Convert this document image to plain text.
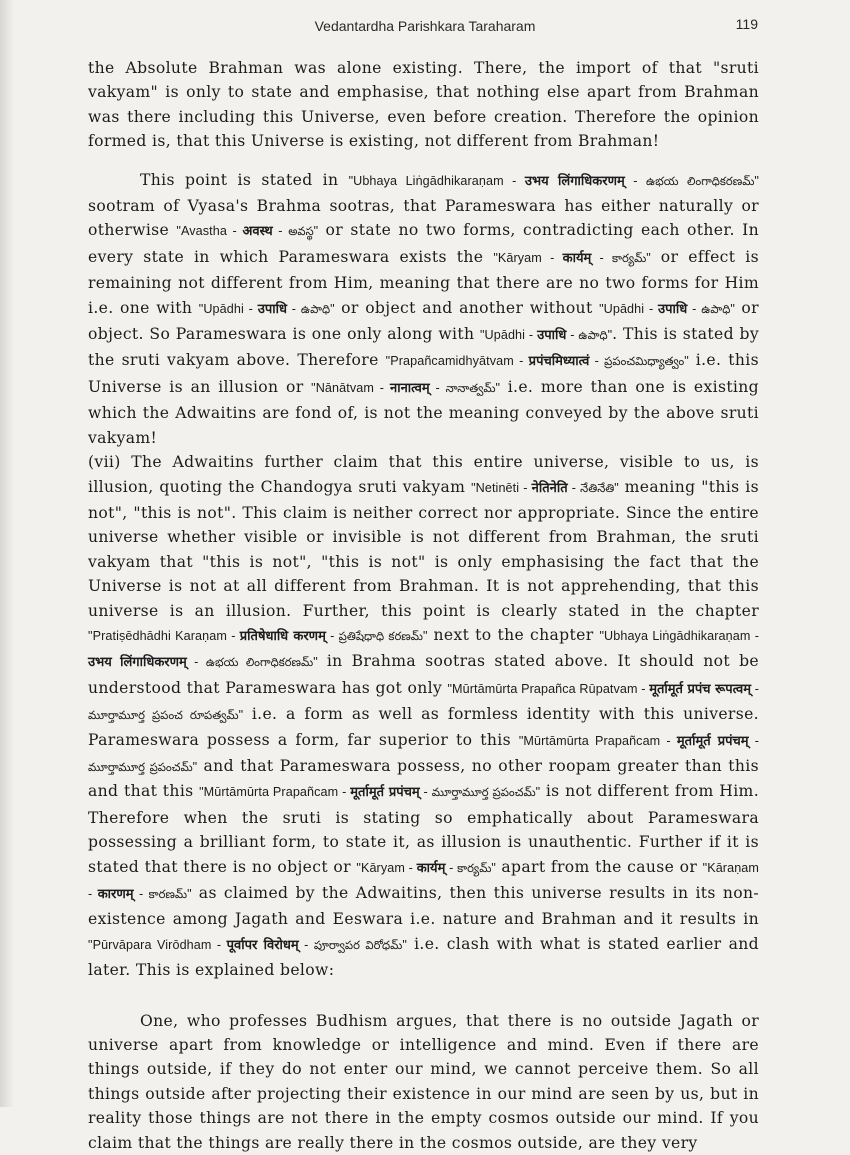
Vedantardha Parishkara Taraharam	119

the Absolute Brahman was alone existing. There, the import of that "sruti vakyam" is only to state and emphasise, that nothing else apart from Brahman was there including this Universe, even before creation. Therefore the opinion formed is, that this Universe is existing, not different from Brahman!

This point is stated in "Ubhaya Liṅgādhikaraṇam - उभय लिंगाधिकरणम् - ఉభయ లింగాధికరణమ్" sootram of Vyasa's Brahma sootras, that Parameswara has either naturally or otherwise "Avastha - अवस्थ - అవస్థ" or state no two forms, contradicting each other. In every state in which Parameswara exists the "Kāryam - कार्यम् - కార్యమ్" or effect is remaining not different from Him, meaning that there are no two forms for Him i.e. one with "Upādhi - उपाधि - ఉపాధి" or object and another without "Upādhi - उपाधि - ఉపాధి" or object. So Parameswara is one only along with "Upādhi - उपाधि - ఉపాధి". This is stated by the sruti vakyam above. Therefore "Prapañcamidhyātvam - प्रपंचमिध्यात्वं - ప్రపంచమిధ్యాత్వం" i.e. this Universe is an illusion or "Nānātvam - नानात्वम् - నానాత్వమ్" i.e. more than one is existing which the Adwaitins are fond of, is not the meaning conveyed by the above sruti vakyam!

(vii) The Adwaitins further claim that this entire universe, visible to us, is illusion, quoting the Chandogya sruti vakyam "Netinēti - नेतिनेति - నేతినేతి" meaning "this is not", "this is not". This claim is neither correct nor appropriate. Since the entire universe whether visible or invisible is not different from Brahman, the sruti vakyam that "this is not", "this is not" is only emphasising the fact that the Universe is not at all different from Brahman. It is not apprehending, that this universe is an illusion. Further, this point is clearly stated in the chapter "Pratiṣēdhādhi Karaṇam - प्रतिषेधाधि करणम् - ప్రతిషేధాధి కరణమ్" next to the chapter "Ubhaya Liṅgādhikaraṇam - उभय लिंगाधिकरणम् - ఉభయ లింగాధికరణమ్" in Brahma sootras stated above. It should not be understood that Parameswara has got only "Mūrtāmūrta Prapañca Rūpatvam - मूर्तामूर्त प्रपंच रूपत्वम् - మూర్తామూర్త ప్రపంచ రూపత్వమ్" i.e. a form as well as formless identity with this universe. Parameswara possess a form, far superior to this "Mūrtāmūrta Prapañcam - मूर्तामूर्त प्रपंचम् - మూర్తామూర్త ప్రపంచమ్" and that Parameswara possess, no other roopam greater than this and that this "Mūrtāmūrta Prapañcam - मूर्तामूर्त प्रपंचम् - మూర్తామూర్త ప్రపంచమ్" is not different from Him. Therefore when the sruti is stating so emphatically about Parameswara possessing a brilliant form, to state it, as illusion is unauthentic. Further if it is stated that there is no object or "Kāryam - कार्यम् - కార్యమ్" apart from the cause or "Kāraṇam - कारणम् - కారణమ్" as claimed by the Adwaitins, then this universe results in its non-existence among Jagath and Eeswara i.e. nature and Brahman and it results in "Pūrvāpara Virōdham - पूर्वापर विरोधम् - పూర్వాపర విరోధమ్" i.e. clash with what is stated earlier and later. This is explained below:

One, who professes Budhism argues, that there is no outside Jagath or universe apart from knowledge or intelligence and mind. Even if there are things outside, if they do not enter our mind, we cannot perceive them. So all things outside after projecting their existence in our mind are seen by us, but in reality those things are not there in the empty cosmos outside our mind. If you claim that the things are really there in the cosmos outside, are they very
